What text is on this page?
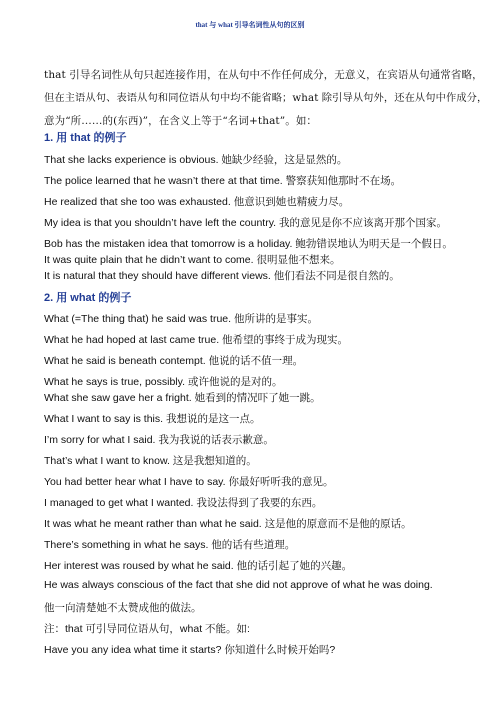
that 与 what 引导名词性从句的区别
that 引导名词性从句只起连接作用，在从句中不作任何成分，无意义，在宾语从句通常省略，
但在主语从句、表语从句和同位语从句中均不能省略；what 除引导从句外，还在从句中作成分，
意为“所……的(东西)”，在含义上等于“名词+that”。如：
1. 用 that 的例子
That she lacks experience is obvious. 她缺少经验，这是显然的。
The police learned that he wasn’t there at that time. 警察获知他那时不在场。
He realized that she too was exhausted. 他意识到她也精疲力尽。
My idea is that you shouldn’t have left the country. 我的意见是你不应该离开那个国家。
Bob has the mistaken idea that tomorrow is a holiday. 鲍勃错误地认为明天是一个假日。
It was quite plain that he didn’t want to come. 很明显他不想来。
It is natural that they should have different views. 他们看法不同是很自然的。
2. 用 what 的例子
What (=The thing that) he said was true. 他所讲的是事实。
What he had hoped at last came true. 他希望的事终于成为现实。
What he said is beneath contempt. 他说的话不值一理。
What he says is true, possibly. 或许他说的是对的。
What she saw gave her a fright. 她看到的情况吓了她一跳。
What I want to say is this. 我想说的是这一点。
I’m sorry for what I said. 我为我说的话表示歉意。
That’s what I want to know. 这是我想知道的。
You had better hear what I have to say. 你最好听听我的意见。
I managed to get what I wanted. 我设法得到了我要的东西。
It was what he meant rather than what he said. 这是他的原意而不是他的原话。
There’s something in what he says. 他的话有些道理。
Her interest was roused by what he said. 他的话引起了她的兴趣。
He was always conscious of the fact that she did not approve of what he was doing.
他一向清楚她不太赞成他的做法。
注：that 可引导同位语从句，what 不能。如:
Have you any idea what time it starts? 你知道什么时候开始吗?
